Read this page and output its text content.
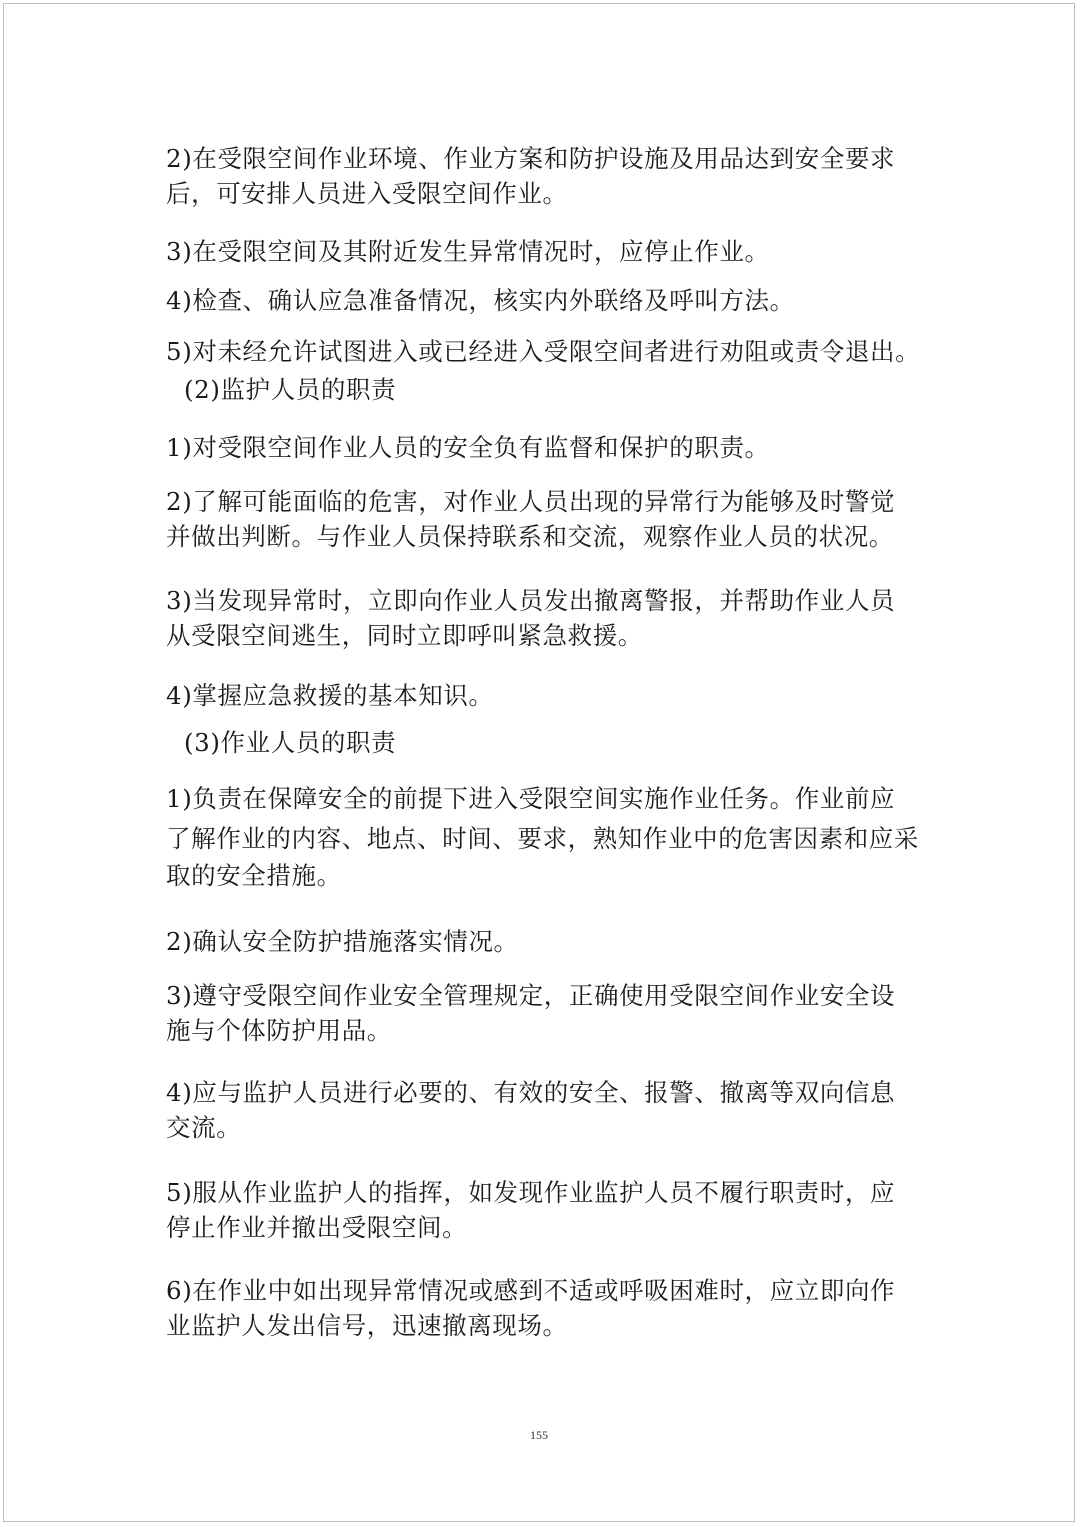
2)在受限空间作业环境、作业方案和防护设施及用品达到安全要求
后，可安排人员进入受限空间作业。
3)在受限空间及其附近发生异常情况时，应停止作业。
4)检查、确认应急准备情况，核实内外联络及呼叫方法。
5)对未经允许试图进入或已经进入受限空间者进行劝阻或责令退出。
(2)监护人员的职责
1)对受限空间作业人员的安全负有监督和保护的职责。
2)了解可能面临的危害，对作业人员出现的异常行为能够及时警觉
并做出判断。与作业人员保持联系和交流，观察作业人员的状况。
3)当发现异常时，立即向作业人员发出撤离警报，并帮助作业人员
从受限空间逃生，同时立即呼叫紧急救援。
4)掌握应急救援的基本知识。
(3)作业人员的职责
1)负责在保障安全的前提下进入受限空间实施作业任务。作业前应
了解作业的内容、地点、时间、要求，熟知作业中的危害因素和应采
取的安全措施。
2)确认安全防护措施落实情况。
3)遵守受限空间作业安全管理规定，正确使用受限空间作业安全设
施与个体防护用品。
4)应与监护人员进行必要的、有效的安全、报警、撤离等双向信息
交流。
5)服从作业监护人的指挥，如发现作业监护人员不履行职责时，应
停止作业并撤出受限空间。
6)在作业中如出现异常情况或感到不适或呼吸困难时，应立即向作
业监护人发出信号，迅速撤离现场。
155
